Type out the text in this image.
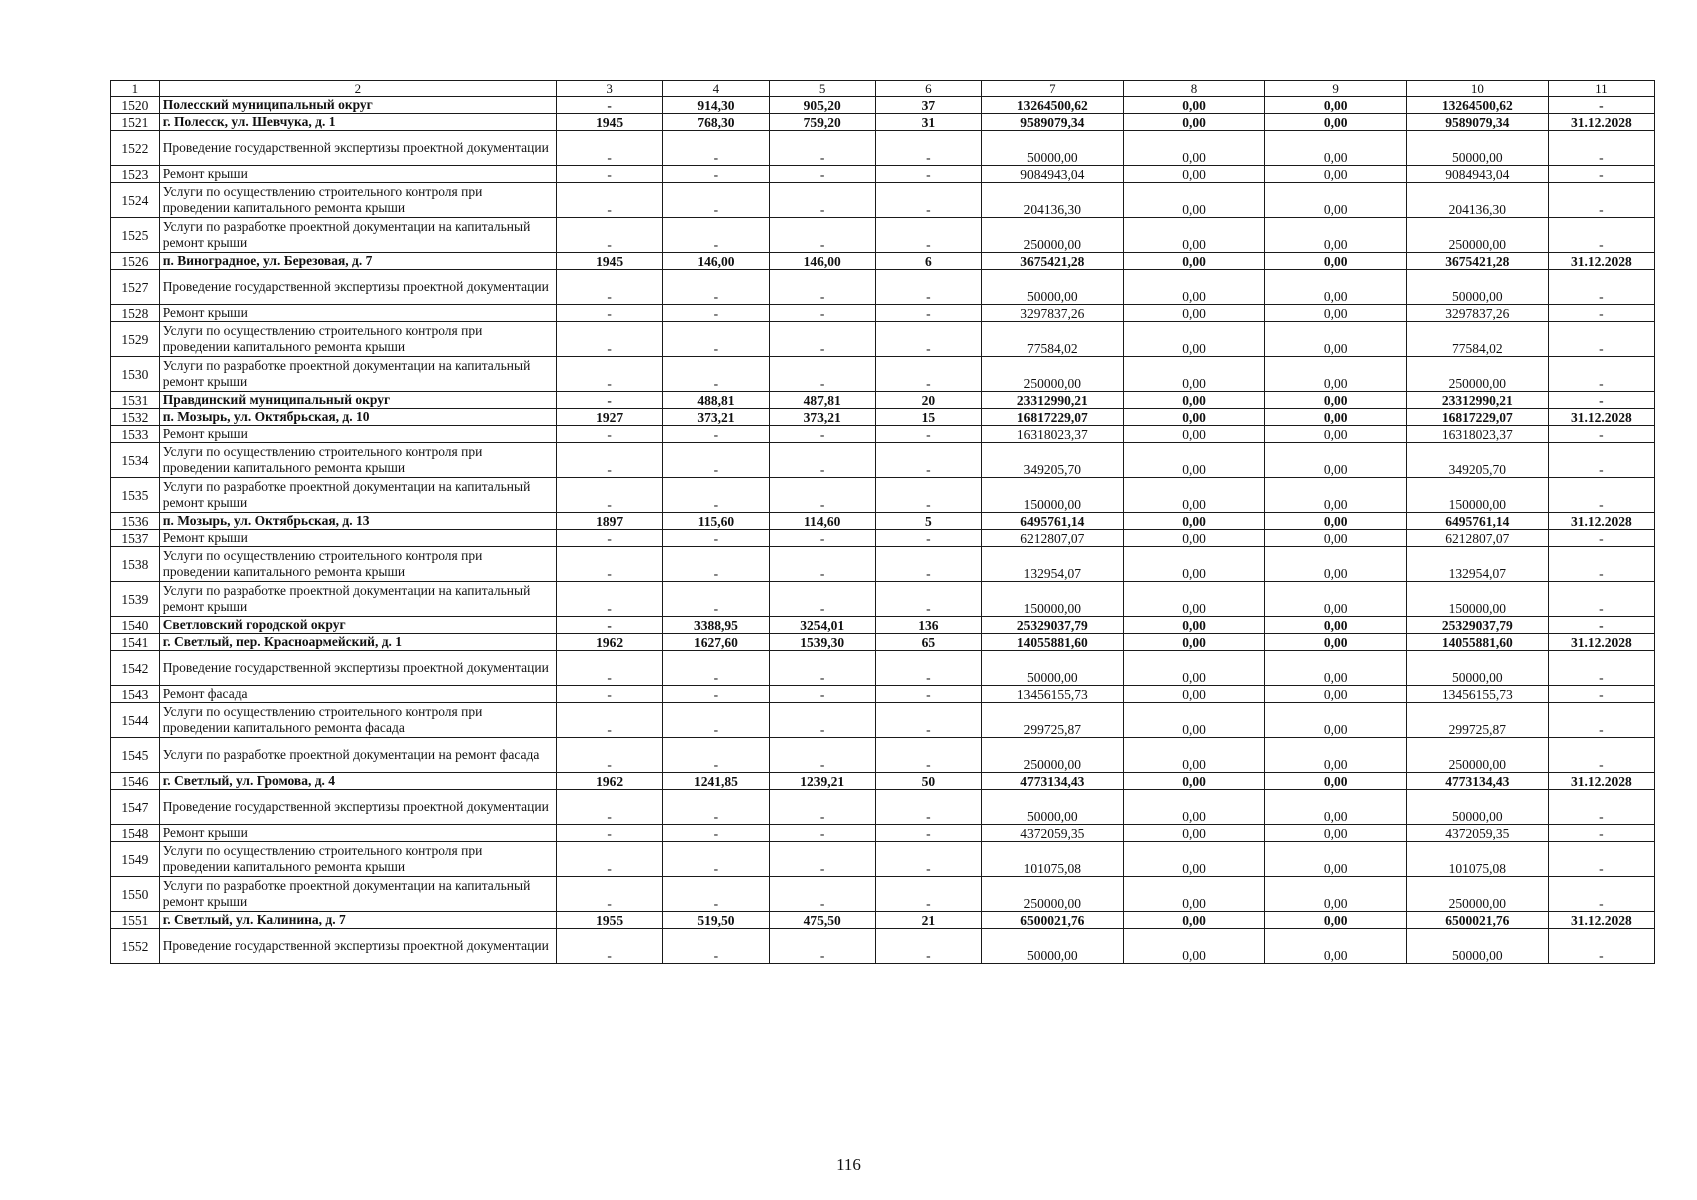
1	2	3	4	5	6	7	8	9	10	11
1520	Полесский муниципальный округ	-	914,30	905,20	37	13264500,62	0,00	0,00	13264500,62	-
1521	г. Полесск, ул. Шевчука, д. 1	1945	768,30	759,20	31	9589079,34	0,00	0,00	9589079,34	31.12.2028
1522	Проведение государственной экспертизы проектной документации	-	-	-	-	50000,00	0,00	0,00	50000,00	-
1523	Ремонт крыши	-	-	-	-	9084943,04	0,00	0,00	9084943,04	-
1524	Услуги по осуществлению строительного контроля при проведении капитального ремонта крыши	-	-	-	-	204136,30	0,00	0,00	204136,30	-
1525	Услуги по разработке проектной документации на капитальный ремонт крыши	-	-	-	-	250000,00	0,00	0,00	250000,00	-
1526	п. Виноградное, ул. Березовая, д. 7	1945	146,00	146,00	6	3675421,28	0,00	0,00	3675421,28	31.12.2028
1527	Проведение государственной экспертизы проектной документации	-	-	-	-	50000,00	0,00	0,00	50000,00	-
1528	Ремонт крыши	-	-	-	-	3297837,26	0,00	0,00	3297837,26	-
1529	Услуги по осуществлению строительного контроля при проведении капитального ремонта крыши	-	-	-	-	77584,02	0,00	0,00	77584,02	-
1530	Услуги по разработке проектной документации на капитальный ремонт крыши	-	-	-	-	250000,00	0,00	0,00	250000,00	-
1531	Правдинский муниципальный округ	-	488,81	487,81	20	23312990,21	0,00	0,00	23312990,21	-
1532	п. Мозырь, ул. Октябрьская, д. 10	1927	373,21	373,21	15	16817229,07	0,00	0,00	16817229,07	31.12.2028
1533	Ремонт крыши	-	-	-	-	16318023,37	0,00	0,00	16318023,37	-
1534	Услуги по осуществлению строительного контроля при проведении капитального ремонта крыши	-	-	-	-	349205,70	0,00	0,00	349205,70	-
1535	Услуги по разработке проектной документации на капитальный ремонт крыши	-	-	-	-	150000,00	0,00	0,00	150000,00	-
1536	п. Мозырь, ул. Октябрьская, д. 13	1897	115,60	114,60	5	6495761,14	0,00	0,00	6495761,14	31.12.2028
1537	Ремонт крыши	-	-	-	-	6212807,07	0,00	0,00	6212807,07	-
1538	Услуги по осуществлению строительного контроля при проведении капитального ремонта крыши	-	-	-	-	132954,07	0,00	0,00	132954,07	-
1539	Услуги по разработке проектной документации на капитальный ремонт крыши	-	-	-	-	150000,00	0,00	0,00	150000,00	-
1540	Светловский городской округ	-	3388,95	3254,01	136	25329037,79	0,00	0,00	25329037,79	-
1541	г. Светлый, пер. Красноармейский, д. 1	1962	1627,60	1539,30	65	14055881,60	0,00	0,00	14055881,60	31.12.2028
1542	Проведение государственной экспертизы проектной документации	-	-	-	-	50000,00	0,00	0,00	50000,00	-
1543	Ремонт фасада	-	-	-	-	13456155,73	0,00	0,00	13456155,73	-
1544	Услуги по осуществлению строительного контроля при проведении капитального ремонта фасада	-	-	-	-	299725,87	0,00	0,00	299725,87	-
1545	Услуги по разработке проектной документации на ремонт фасада	-	-	-	-	250000,00	0,00	0,00	250000,00	-
1546	г. Светлый, ул. Громова, д. 4	1962	1241,85	1239,21	50	4773134,43	0,00	0,00	4773134,43	31.12.2028
1547	Проведение государственной экспертизы проектной документации	-	-	-	-	50000,00	0,00	0,00	50000,00	-
1548	Ремонт крыши	-	-	-	-	4372059,35	0,00	0,00	4372059,35	-
1549	Услуги по осуществлению строительного контроля при проведении капитального ремонта крыши	-	-	-	-	101075,08	0,00	0,00	101075,08	-
1550	Услуги по разработке проектной документации на капитальный ремонт крыши	-	-	-	-	250000,00	0,00	0,00	250000,00	-
1551	г. Светлый, ул. Калинина, д. 7	1955	519,50	475,50	21	6500021,76	0,00	0,00	6500021,76	31.12.2028
1552	Проведение государственной экспертизы проектной документации	-	-	-	-	50000,00	0,00	0,00	50000,00	-
116
